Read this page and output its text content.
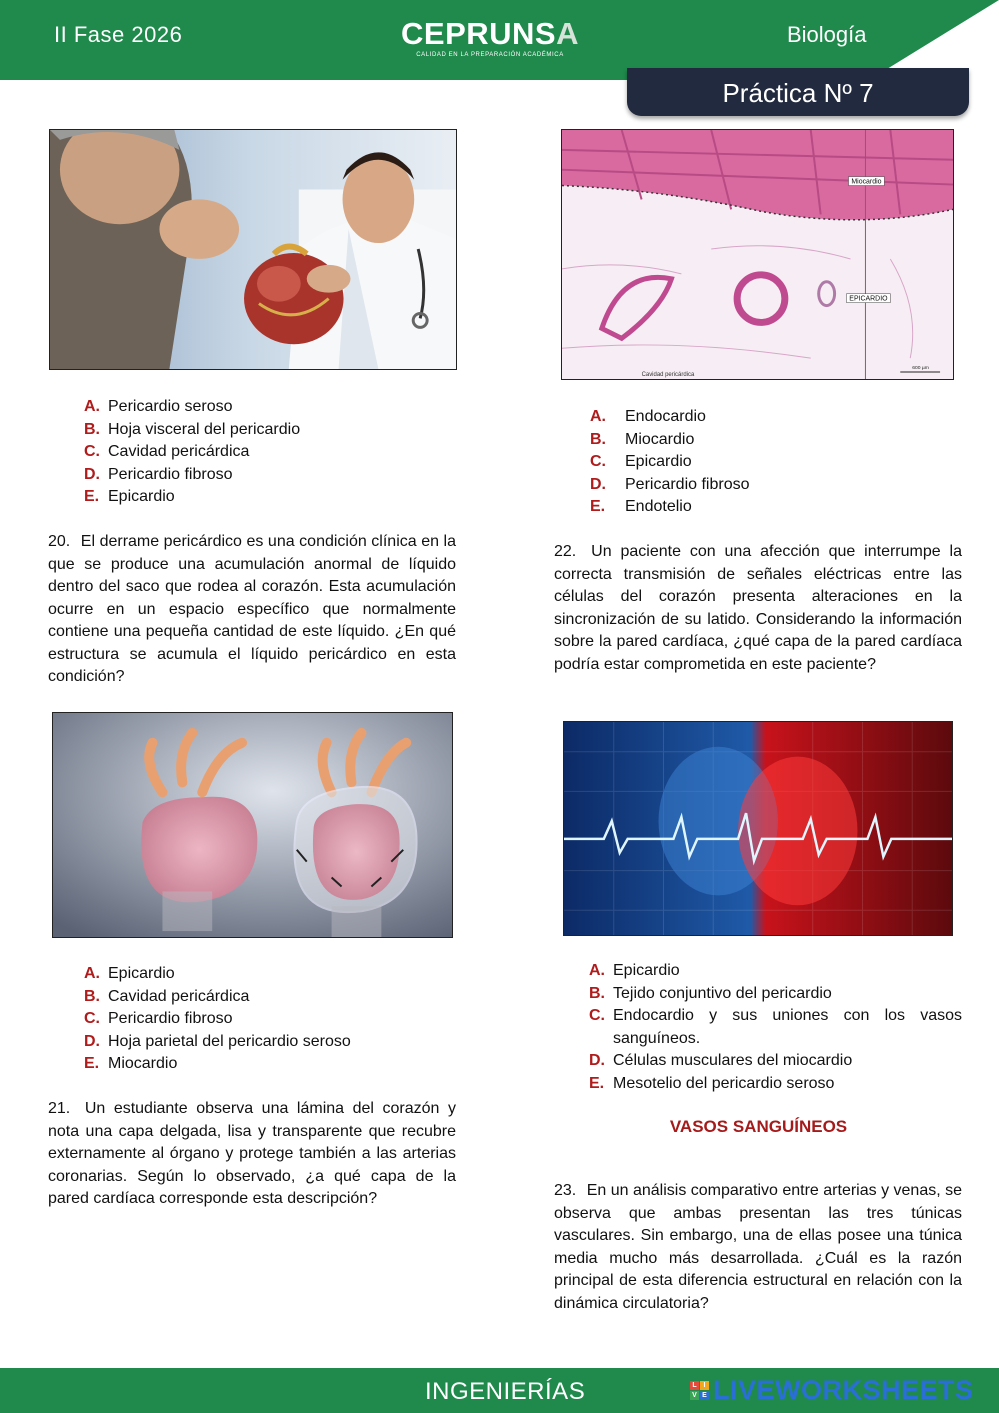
II Fase 2026	CEPRUNSA
CALIDAD EN LA PREPARACIÓN ACADÉMICA
Biología
Práctica Nº 7
Miocardio
EPICARDIO
Cavidad pericárdica
600 µm
A. Pericardio seroso
B. Hoja visceral del pericardio
C. Cavidad pericárdica
D. Pericardio fibroso
E. Epicardio
A. Endocardio
B. Miocardio
C. Epicardio
D. Pericardio fibroso
E. Endotelio
20. El derrame pericárdico es una condición clínica en la que se produce una acumulación anormal de líquido dentro del saco que rodea al corazón. Esta acumulación ocurre en un espacio específico que normalmente contiene una pequeña cantidad de este líquido. ¿En qué estructura se acumula el líquido pericárdico en esta condición?
22. Un paciente con una afección que interrumpe la correcta transmisión de señales eléctricas entre las células del corazón presenta alteraciones en la sincronización de su latido. Considerando la información sobre la pared cardíaca, ¿qué capa de la pared cardíaca podría estar comprometida en este paciente?
A. Epicardio
B. Cavidad pericárdica
C. Pericardio fibroso
D. Hoja parietal del pericardio seroso
E. Miocardio
A. Epicardio
B. Tejido conjuntivo del pericardio
C. Endocardio y sus uniones con los vasos sanguíneos.
D. Células musculares del miocardio
E. Mesotelio del pericardio seroso
21. Un estudiante observa una lámina del corazón y nota una capa delgada, lisa y transparente que recubre externamente al órgano y protege también a las arterias coronarias. Según lo observado, ¿a qué capa de la pared cardíaca corresponde esta descripción?
VASOS SANGUÍNEOS
23. En un análisis comparativo entre arterias y venas, se observa que ambas presentan las tres túnicas vasculares. Sin embargo, una de ellas posee una túnica media mucho más desarrollada. ¿Cuál es la razón principal de esta diferencia estructural en relación con la dinámica circulatoria?
INGENIERÍAS	L I
V E LIVEWORKSHEETS
